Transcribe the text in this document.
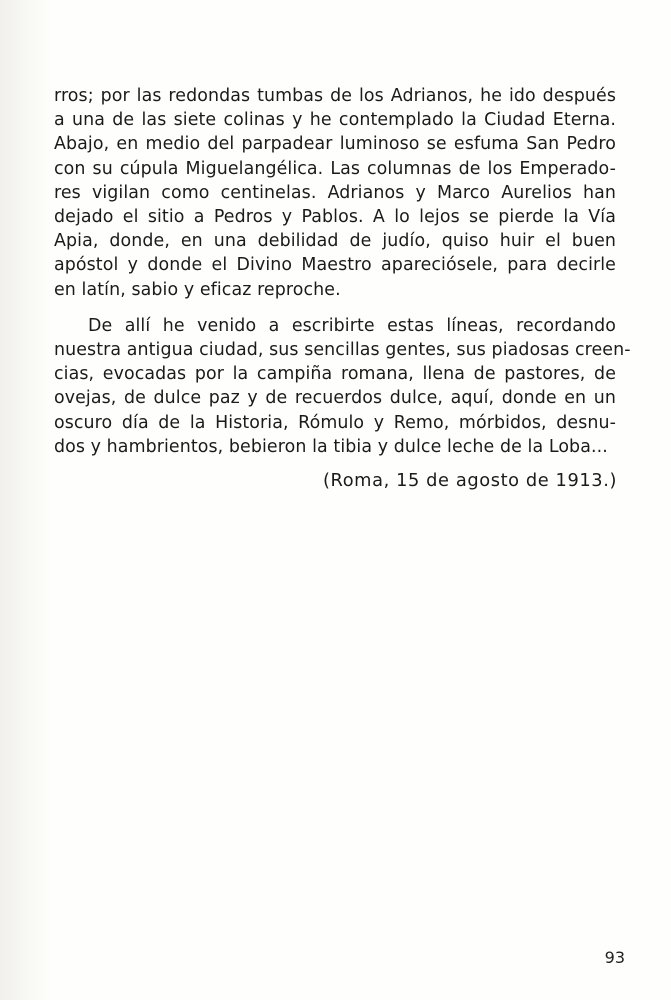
rros; por las redondas tumbas de los Adrianos, he ido después
a una de las siete colinas y he contemplado la Ciudad Eterna.
Abajo, en medio del parpadear luminoso se esfuma San Pedro
con su cúpula Miguelangélica. Las columnas de los Emperado-
res vigilan como centinelas. Adrianos y Marco Aurelios han
dejado el sitio a Pedros y Pablos. A lo lejos se pierde la Vía
Apia, donde, en una debilidad de judío, quiso huir el buen
apóstol y donde el Divino Maestro apareciósele, para decirle
en latín, sabio y eficaz reproche.
De allí he venido a escribirte estas líneas, recordando
nuestra antigua ciudad, sus sencillas gentes, sus piadosas creen-
cias, evocadas por la campiña romana, llena de pastores, de
ovejas, de dulce paz y de recuerdos dulce, aquí, donde en un
oscuro día de la Historia, Rómulo y Remo, mórbidos, desnu-
dos y hambrientos, bebieron la tibia y dulce leche de la Loba...
(Roma, 15 de agosto de 1913.)
93
